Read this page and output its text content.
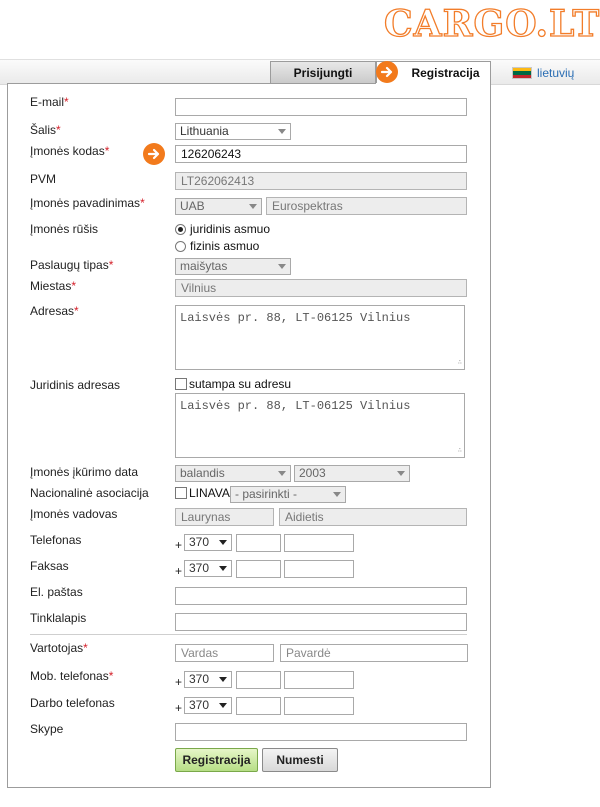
CARGO.LT
Prisijungti	Registracija	lietuvių
E-mail*
Šalis*	Lithuania
Įmonės kodas*	126206243
PVM	LT262062413
Įmonės pavadinimas*	UAB	Eurospektras
Įmonės rūšis	juridinis asmuo
fizinis asmuo
Paslaugų tipas*	maišytas
Miestas*	Vilnius
Adresas*	Laisvės pr. 88, LT-06125 Vilnius
∴
Juridinis adresas	sutampa su adresu
Laisvės pr. 88, LT-06125 Vilnius
∴
Įmonės įkūrimo data	balandis	2003
Nacionalinė asociacija	LINAVA - pasirinkti -
Įmonės vadovas	Laurynas	Aidietis
Telefonas	+ 370
Faksas	+ 370
El. paštas
Tinklalapis
Vartotojas*	Vardas	Pavardė
Mob. telefonas*	+ 370
Darbo telefonas	+ 370
Skype
Registracija	Numesti
